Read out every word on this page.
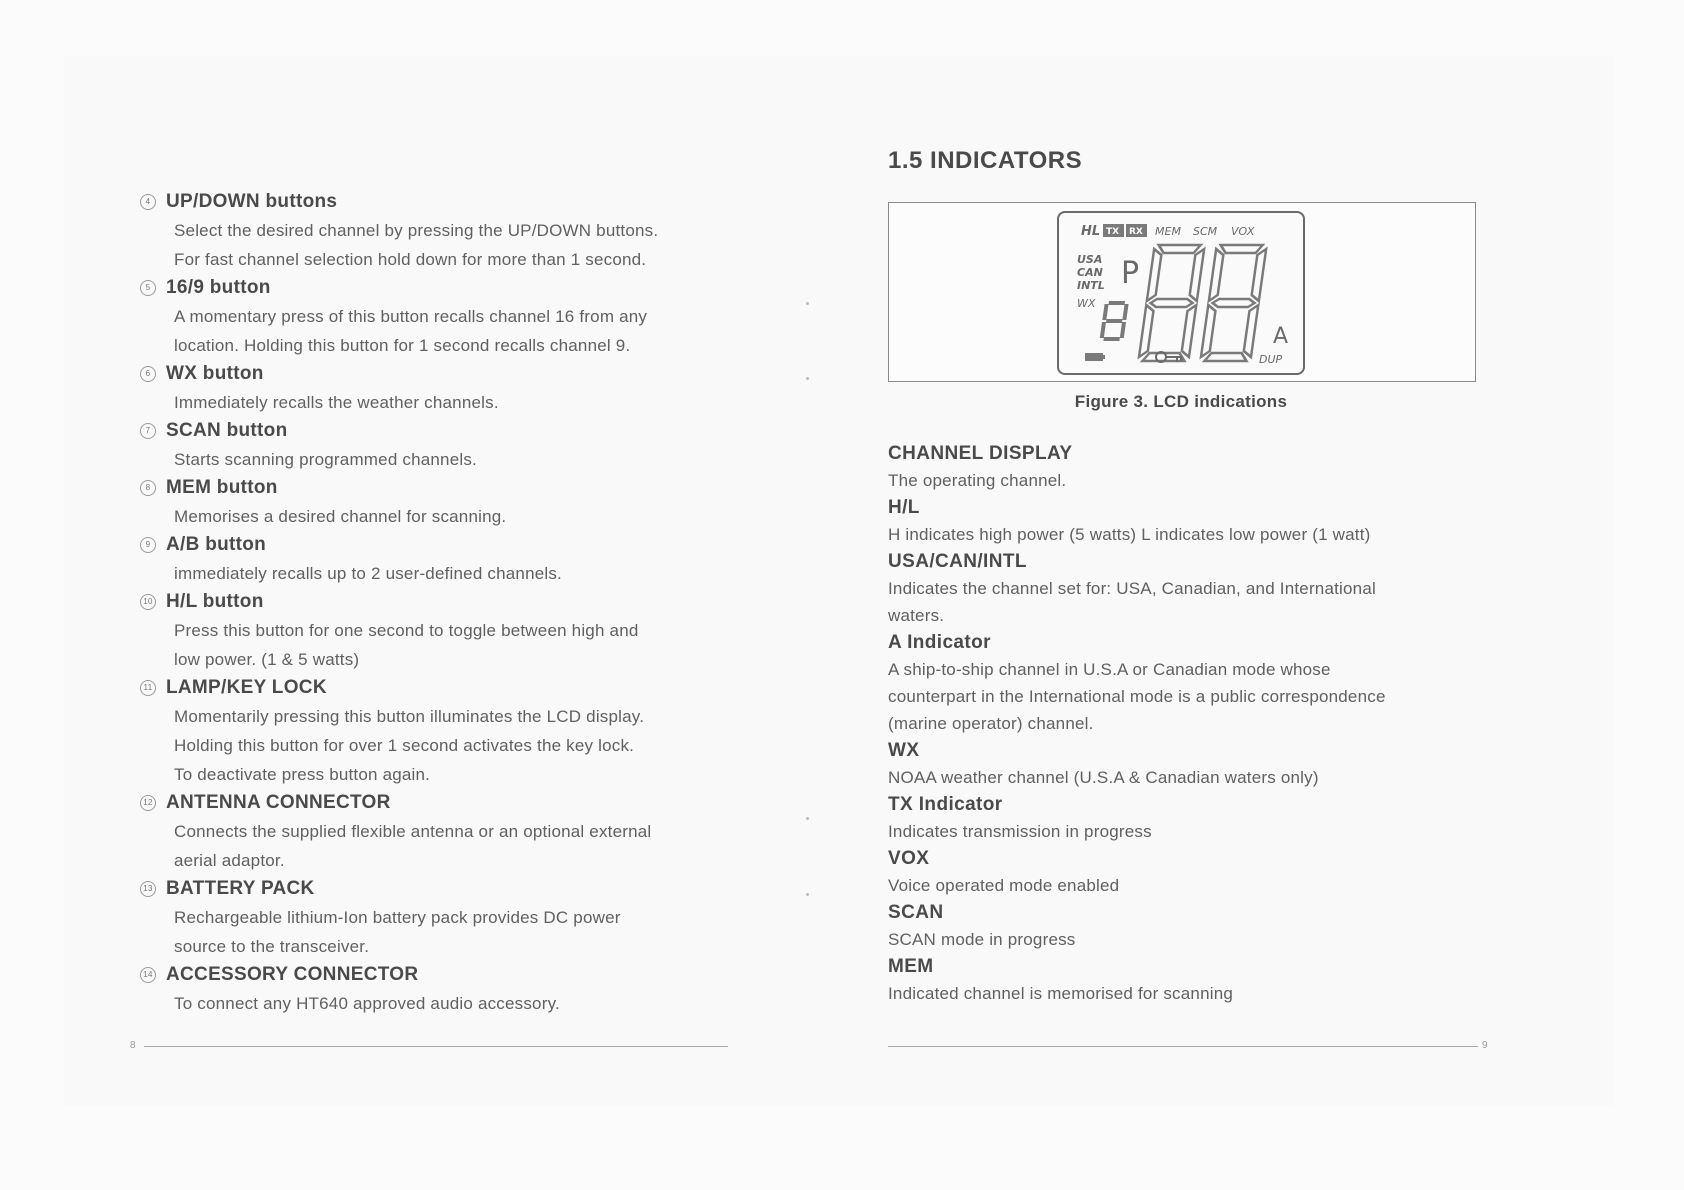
4 UP/DOWN buttons
Select the desired channel by pressing the UP/DOWN buttons.
For fast channel selection hold down for more than 1 second.
5 16/9 button
A momentary press of this button recalls channel 16 from any
location. Holding this button for 1 second recalls channel 9.
6 WX button
Immediately recalls the weather channels.
7 SCAN button
Starts scanning programmed channels.
8 MEM button
Memorises a desired channel for scanning.
9 A/B button
immediately recalls up to 2 user-defined channels.
10 H/L button
Press this button for one second to toggle between high and
low power. (1 & 5 watts)
11 LAMP/KEY LOCK
Momentarily pressing this button illuminates the LCD display.
Holding this button for over 1 second activates the key lock.
To deactivate press button again.
12 ANTENNA CONNECTOR
Connects the supplied flexible antenna or an optional external
aerial adaptor.
13 BATTERY PACK
Rechargeable lithium-Ion battery pack provides DC power
source to the transceiver.
14 ACCESSORY CONNECTOR
To connect any HT640 approved audio accessory.
8
1.5 INDICATORS
HL TX RX MEM SCM VOX
USA
CAN
INTL
WX
P
A
DUP
Figure 3. LCD indications
CHANNEL DISPLAY
The operating channel.
H/L
H indicates high power (5 watts) L indicates low power (1 watt)
USA/CAN/INTL
Indicates the channel set for: USA, Canadian, and International
waters.
A Indicator
A ship-to-ship channel in U.S.A or Canadian mode whose
counterpart in the International mode is a public correspondence
(marine operator) channel.
WX
NOAA weather channel (U.S.A & Canadian waters only)
TX Indicator
Indicates transmission in progress
VOX
Voice operated mode enabled
SCAN
SCAN mode in progress
MEM
Indicated channel is memorised for scanning
9
